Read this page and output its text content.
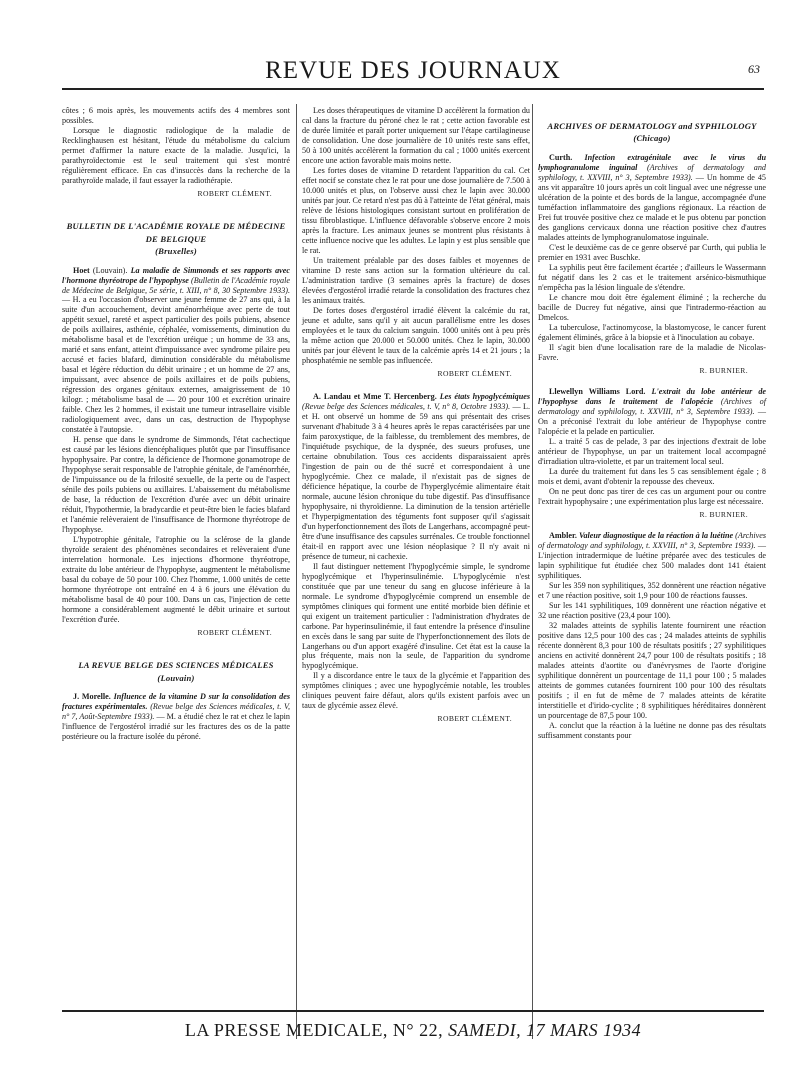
REVUE DES JOURNAUX	63

côtes ; 6 mois après, les mouvements actifs des 4 membres sont possibles.

Lorsque le diagnostic radiologique de la maladie de Recklinghausen est hésitant, l'étude du métabolisme du calcium permet d'affirmer la nature exacte de la maladie. Jusqu'ici, la parathyroïdectomie est le seul traitement qui s'est montré régulièrement efficace. En cas d'insuccès dans la recherche de la parathyroïde malade, il faut essayer la radiothérapie.

ROBERT CLÉMENT.
BULLETIN DE L'ACADÉMIE ROYALE DE MÉDECINE DE BELGIQUE
(Bruxelles)

Hoet (Louvain). La maladie de Simmonds et ses rapports avec l'hormone thyréotrope de l'hypophyse (Bulletin de l'Académie royale de Médecine de Belgique, 5e série, t. XIII, n° 8, 30 Septembre 1933). — H. a eu l'occasion d'observer une jeune femme de 27 ans qui, à la suite d'un accouchement, devint aménorrhéique avec perte de tout appétit sexuel, rareté et aspect particulier des poils pubiens, absence de poils axillaires, asthénie, céphalée, vomissements, diminution du métabolisme basal et de l'excrétion uréique ; un homme de 33 ans, marié et sans enfant, atteint d'impuissance avec syndrome pilaire peu accusé et facies blafard, diminution considérable du métabolisme basal et légère réduction du débit urinaire ; et un homme de 27 ans, impuissant, avec absence de poils axillaires et de poils pubiens, régression des organes génitaux externes, amaigrissement de 10 kilogr. ; métabolisme basal de — 20 pour 100 et excrétion urinaire faible. Chez les 2 hommes, il existait une tumeur intrasellaire visible radiologiquement avec, dans un cas, destruction de l'hypophyse constatée à l'autopsie.

H. pense que dans le syndrome de Simmonds, l'état cachectique est causé par les lésions diencéphaliques plutôt que par l'insuffisance hypophysaire. Par contre, la déficience de l'hormone gonamotrope de l'hypophyse serait responsable de l'atrophie génitale, de l'aménorrhée, de l'impuissance ou de la frilosité sexuelle, de la perte ou de l'aspect sénile des poils pubiens ou axillaires. L'abaissement du métabolisme de base, la réduction de l'excrétion d'urée avec un débit urinaire réduit, l'hypothermie, la bradycardie et peut-être bien le facies blafard et l'anémie relèveraient de l'insuffisance de l'hormone thyréotrope de l'hypophyse.

L'hypotrophie génitale, l'atrophie ou la sclérose de la glande thyroïde seraient des phénomènes secondaires et relèveraient d'une interrelation hormonale. Les injections d'hormone thyréotrope, extraite du lobe antérieur de l'hypophyse, augmentent le métabolisme basal du cobaye de 50 pour 100. Chez l'homme, 1.000 unités de cette hormone thyréotrope ont entraîné en 4 à 6 jours une élévation du métabolisme basal de 40 pour 100. Dans un cas, l'injection de cette hormone a considérablement augmenté le débit urinaire et surtout l'excrétion d'urée.

ROBERT CLÉMENT.
LA REVUE BELGE DES SCIENCES MÉDICALES
(Louvain)

J. Morelle. Influence de la vitamine D sur la consolidation des fractures expérimentales. (Revue belge des Sciences médicales, t. V, n° 7, Août-Septembre 1933). — M. a étudié chez le rat et chez le lapin l'influence de l'ergostérol irradié sur les fractures des os de la patte postérieure ou la fracture isolée du péroné.

Les doses thérapeutiques de vitamine D accélèrent la formation du cal dans la fracture du péroné chez le rat ; cette action favorable est de durée limitée et paraît porter uniquement sur l'étape cartilagineuse de consolidation. Une dose journalière de 10 unités reste sans effet, 50 à 100 unités accélèrent la formation du cal ; 1000 unités exercent encore une action favorable mais moins nette.

Les fortes doses de vitamine D retardent l'apparition du cal. Cet effet nocif se constate chez le rat pour une dose journalière de 7.500 à 10.000 unités et plus, on l'observe aussi chez le lapin avec 30.000 unités par jour. Ce retard n'est pas dû à l'atteinte de l'état général, mais relève de lésions histologiques consistant surtout en prolifération de tissu fibroblastique. L'influence défavorable s'observe encore 2 mois après la fracture. Les animaux jeunes se montrent plus résistants à cette influence nocive que les adultes. Le lapin y est plus sensible que le rat.

Un traitement préalable par des doses faibles et moyennes de vitamine D reste sans action sur la formation ultérieure du cal. L'administration tardive (3 semaines après la fracture) de doses élevées d'ergostérol irradié retarde la consolidation des fractures chez les animaux traités.

De fortes doses d'ergostérol irradié élèvent la calcémie du rat, jeune et adulte, sans qu'il y ait aucun parallélisme entre les doses employées et le taux du calcium sanguin. 1000 unités ont à peu près la même action que 20.000 et 50.000 unités. Chez le lapin, 30.000 unités par jour élèvent le taux de la calcémie après 14 et 21 jours ; la phosphatémie ne semble pas influencée.

ROBERT CLÉMENT.

A. Landau et Mme T. Hercenberg. Les états hypoglycémiques (Revue belge des Sciences médicales, t. V, n° 8, Octobre 1933). — L. et H. ont observé un homme de 59 ans qui présentait des crises survenant d'habitude 3 à 4 heures après le repas caractérisées par une faim paroxystique, de la faiblesse, du tremblement des membres, de l'inquiétude psychique, de la dyspnée, des sueurs profuses, une certaine obnubilation. Tous ces accidents disparaissaient après l'ingestion de pain ou de thé sucré et correspondaient à une hypoglycémie. Chez ce malade, il n'existait pas de signes de déficience hépatique, la courbe de l'hyperglycémie alimentaire était normale, aucune lésion chronique du tube digestif. Pas d'insuffisance hypophysaire, ni thyroïdienne. La diminution de la tension artérielle et l'hyperpigmentation des téguments font supposer qu'il s'agissait d'un hyperfonctionnement des îlots de Langerhans, accompagné peut-être d'une insuffisance des capsules surrénales. Ce trouble fonctionnel était-il en rapport avec une lésion néoplasique ? Il n'y avait ni présence de tumeur, ni cachexie.

Il faut distinguer nettement l'hypoglycémie simple, le syndrome hypoglycémique et l'hyperinsulinémie. L'hypoglycémie n'est constituée que par une teneur du sang en glucose inférieure à la normale. Le syndrome d'hypoglycémie comprend un ensemble de symptômes cliniques qui forment une entité morbide bien définie et qui exigent un traitement particulier : l'administration d'hydrates de carbone. Par hyperinsulinémie, il faut entendre la présence d'insuline en excès dans le sang par suite de l'hyperfonctionnement des îlots de Langerhans ou d'un apport exagéré d'insuline. Cet état est la cause la plus fréquente, mais non la seule, de l'apparition du syndrome hypoglycémique.

Il y a discordance entre le taux de la glycémie et l'apparition des symptômes cliniques ; avec une hypoglycémie notable, les troubles cliniques peuvent faire défaut, alors qu'ils existent parfois avec un taux de glycémie assez élevé.

ROBERT CLÉMENT.
ARCHIVES OF DERMATOLOGY and SYPHILOLOGY
(Chicago)

Curth. Infection extragénitale avec le virus du lymphogranulome inguinal (Archives of dermatology and syphilology, t. XXVIII, n° 3, Septembre 1933). — Un homme de 45 ans vit apparaître 10 jours après un coït lingual avec une négresse une ulcération de la pointe et des bords de la langue, accompagnée d'une tuméfaction inflammatoire des ganglions régionaux. La réaction de Frei fut trouvée positive chez ce malade et le pus obtenu par ponction des ganglions cervicaux donna une réaction positive chez d'autres malades atteints de lymphogranulomatose inguinale.

C'est le deuxième cas de ce genre observé par Curth, qui publia le premier en 1931 avec Buschke.

La syphilis peut être facilement écartée ; d'ailleurs le Wassermann fut négatif dans les 2 cas et le traitement arsénico-bismuthique n'empêcha pas la lésion linguale de s'étendre.

Le chancre mou doit être également éliminé ; la recherche du bacille de Ducrey fut négative, ainsi que l'intradermo-réaction au Dmelcos.

La tuberculose, l'actinomycose, la blastomycose, le cancer furent également éliminés, grâce à la biopsie et à l'inoculation au cobaye.

Il s'agit bien d'une localisation rare de la maladie de Nicolas-Favre.

R. BURNIER.

Llewellyn Williams Lord. L'extrait du lobe antérieur de l'hypophyse dans le traitement de l'alopécie (Archives of dermatology and syphilology, t. XXVIII, n° 3, Septembre 1933). — On a préconisé l'extrait du lobe antérieur de l'hypophyse contre l'alopécie et la pelade en particulier.

L. a traité 5 cas de pelade, 3 par des injections d'extrait de lobe antérieur de l'hypophyse, un par un traitement local accompagné d'irradiation ultra-violette, et par un traitement local seul.

La durée du traitement fut dans les 5 cas sensiblement égale ; 8 mois et demi, avant d'obtenir la repousse des cheveux.

On ne peut donc pas tirer de ces cas un argument pour ou contre l'extrait hypophysaire ; une expérimentation plus large est nécessaire.

R. BURNIER.

Ambler. Valeur diagnostique de la réaction à la luétine (Archives of dermatology and syphilology, t. XXVIII, n° 3, Septembre 1933). — L'injection intradermique de luétine préparée avec des testicules de lapin syphilitique fut étudiée chez 500 malades dont 141 étaient syphilitiques.

Sur les 359 non syphilitiques, 352 donnèrent une réaction négative et 7 une réaction positive, soit 1,9 pour 100 de réactions fausses.

Sur les 141 syphilitiques, 109 donnèrent une réaction négative et 32 une réaction positive (23,4 pour 100).

32 malades atteints de syphilis latente fournirent une réaction positive dans 12,5 pour 100 des cas ; 24 malades atteints de syphilis récente donnèrent 8,3 pour 100 de résultats positifs ; 27 syphilitiques anciens en activité donnèrent 24,7 pour 100 de résultats positifs ; 18 malades atteints d'aortite ou d'anévrysmes de l'aorte d'origine syphilitique donnèrent un pourcentage de 11,1 pour 100 ; 5 malades atteints de gommes cutanées fournirent 100 pour 100 des résultats positifs ; il en fut de même de 7 malades atteints de kératite interstitielle et d'irido-cyclite ; 8 syphilitiques héréditaires donnèrent un pourcentage de 87,5 pour 100.

A. conclut que la réaction à la luétine ne donne pas des résultats suffisamment constants pour

LA PRESSE MEDICALE, N° 22, SAMEDI, 17 MARS 1934
